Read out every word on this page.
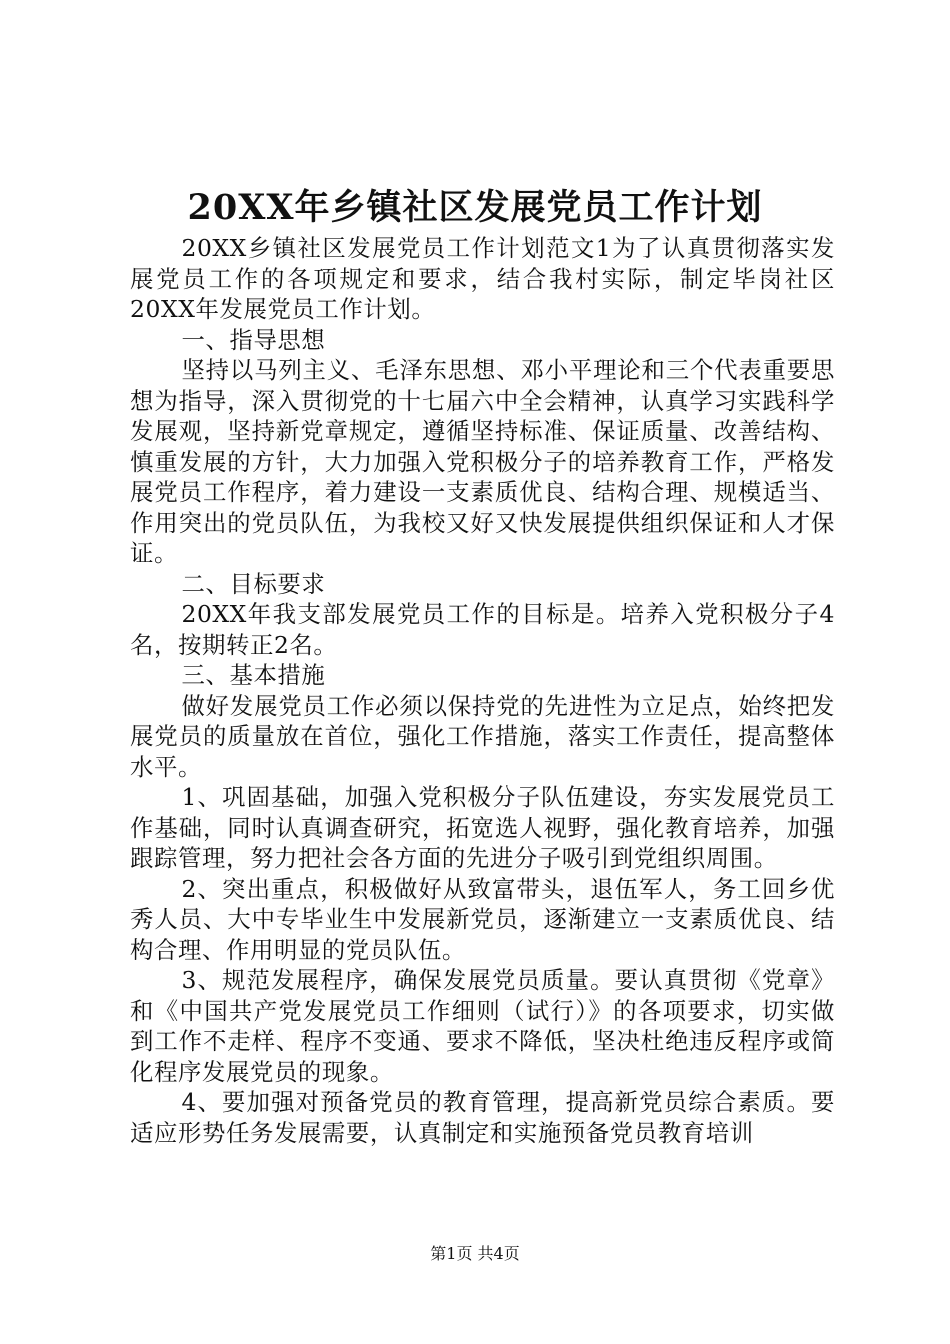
20XX年乡镇社区发展党员工作计划

20XX乡镇社区发展党员工作计划范文1为了认真贯彻落实发展党员工作的各项规定和要求，结合我村实际，制定毕岗社区20XX年发展党员工作计划。

一、指导思想

坚持以马列主义、毛泽东思想、邓小平理论和三个代表重要思想为指导，深入贯彻党的十七届六中全会精神，认真学习实践科学发展观，坚持新党章规定，遵循坚持标准、保证质量、改善结构、慎重发展的方针，大力加强入党积极分子的培养教育工作，严格发展党员工作程序，着力建设一支素质优良、结构合理、规模适当、作用突出的党员队伍，为我校又好又快发展提供组织保证和人才保证。

二、目标要求

20XX年我支部发展党员工作的目标是。培养入党积极分子4名，按期转正2名。

三、基本措施

做好发展党员工作必须以保持党的先进性为立足点，始终把发展党员的质量放在首位，强化工作措施，落实工作责任，提高整体水平。

1、巩固基础，加强入党积极分子队伍建设，夯实发展党员工作基础，同时认真调查研究，拓宽选人视野，强化教育培养，加强跟踪管理，努力把社会各方面的先进分子吸引到党组织周围。

2、突出重点，积极做好从致富带头，退伍军人，务工回乡优秀人员、大中专毕业生中发展新党员，逐渐建立一支素质优良、结构合理、作用明显的党员队伍。

3、规范发展程序，确保发展党员质量。要认真贯彻《党章》和《中国共产党发展党员工作细则（试行）》的各项要求，切实做到工作不走样、程序不变通、要求不降低，坚决杜绝违反程序或简化程序发展党员的现象。

4、要加强对预备党员的教育管理，提高新党员综合素质。要适应形势任务发展需要，认真制定和实施预备党员教育培训

第1页 共4页
